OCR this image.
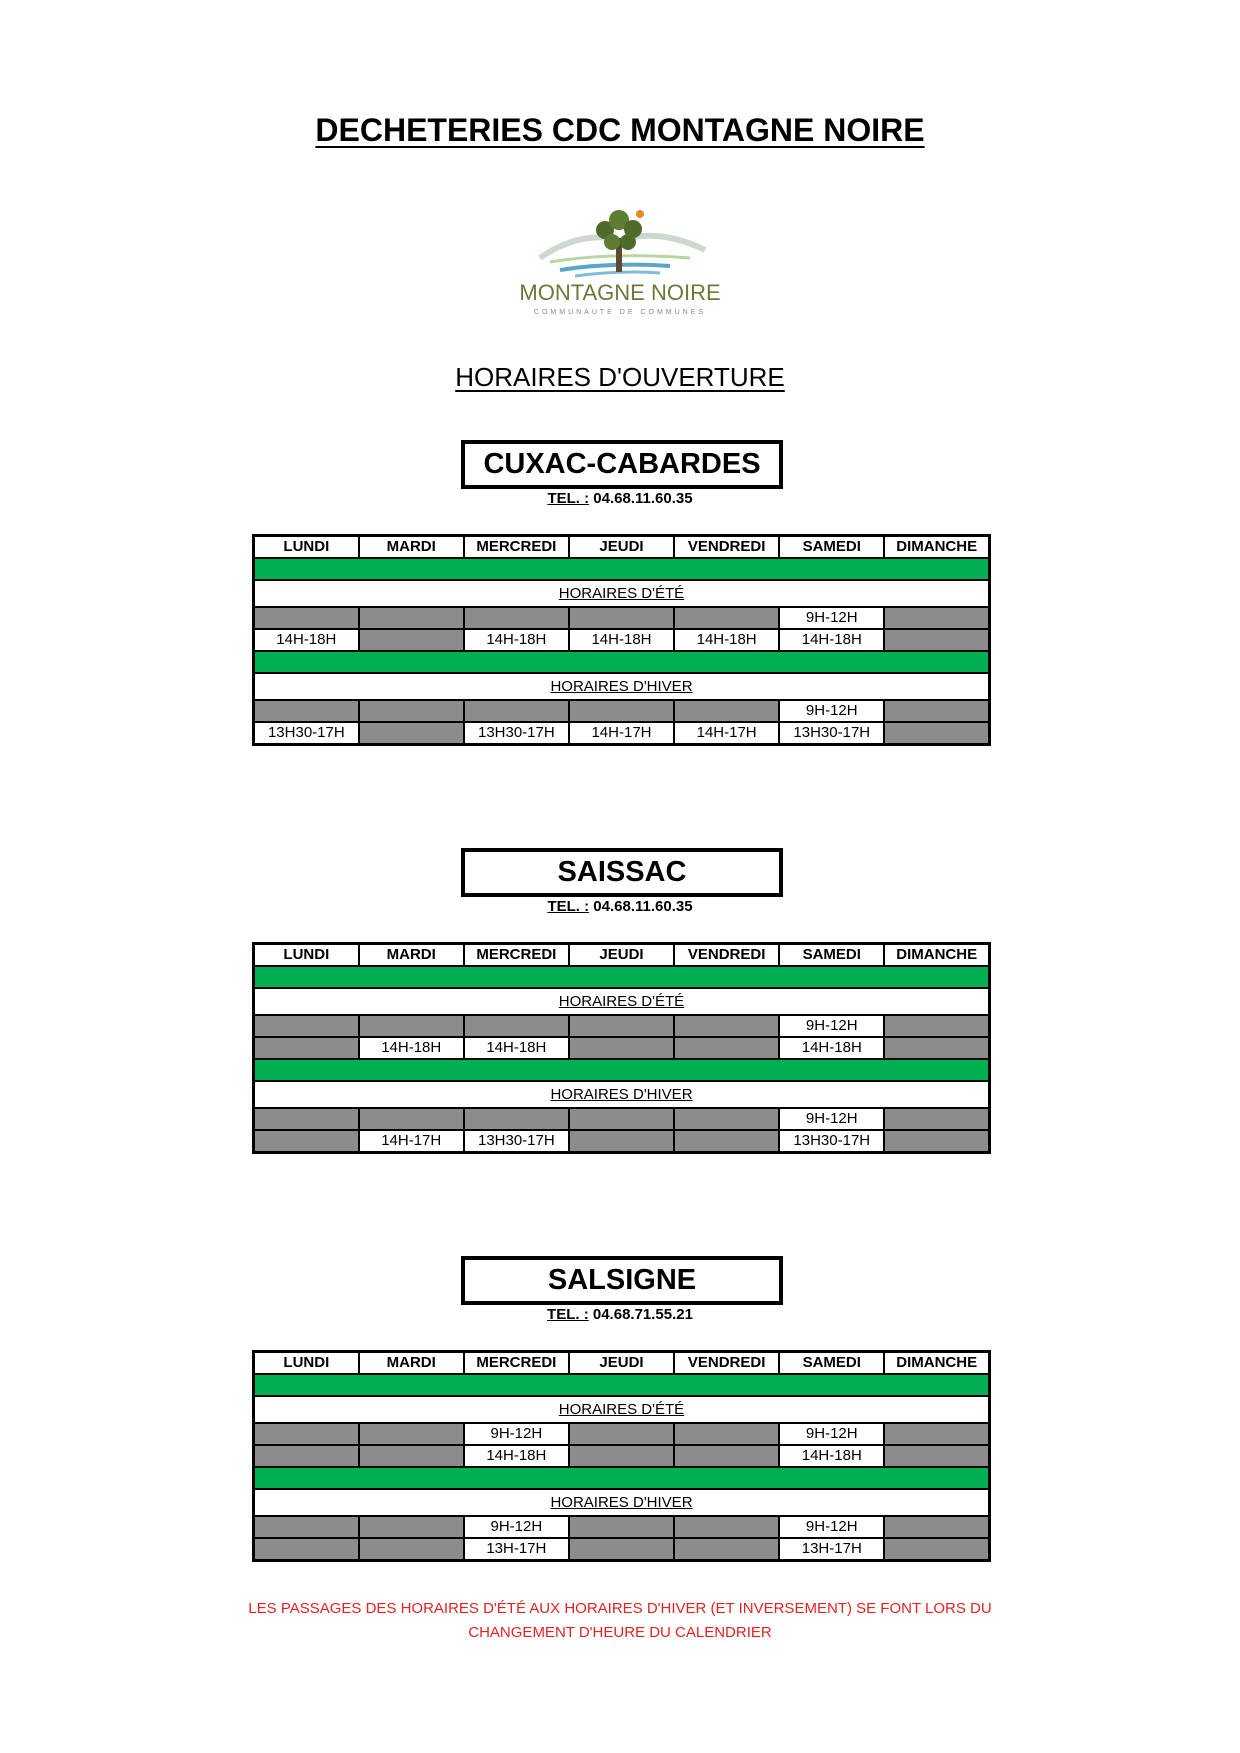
DECHETERIES CDC MONTAGNE NOIRE
MONTAGNE NOIRE
COMMUNAUTÉ DE COMMUNES
HORAIRES D'OUVERTURE
CUXAC-CABARDES
TEL. : 04.68.11.60.35
LUNDI	MARDI	MERCREDI	JEUDI	VENDREDI	SAMEDI	DIMANCHE

HORAIRES D'ÉTÉ						
					9H-12H	
14H-18H		14H-18H	14H-18H	14H-18H	14H-18H	

HORAIRES D'HIVER						
					9H-12H	
13H30-17H		13H30-17H	14H-17H	14H-17H	13H30-17H	
SAISSAC
TEL. : 04.68.11.60.35
LUNDI	MARDI	MERCREDI	JEUDI	VENDREDI	SAMEDI	DIMANCHE

HORAIRES D'ÉTÉ						
					9H-12H	
	14H-18H	14H-18H			14H-18H	

HORAIRES D'HIVER						
					9H-12H	
	14H-17H	13H30-17H			13H30-17H	
SALSIGNE
TEL. : 04.68.71.55.21
LUNDI	MARDI	MERCREDI	JEUDI	VENDREDI	SAMEDI	DIMANCHE

HORAIRES D'ÉTÉ						
		9H-12H			9H-12H	
		14H-18H			14H-18H	

HORAIRES D'HIVER						
		9H-12H			9H-12H	
		13H-17H			13H-17H	
LES PASSAGES DES HORAIRES D'ÉTÉ AUX HORAIRES D'HIVER (ET INVERSEMENT) SE FONT LORS DU
CHANGEMENT D'HEURE DU CALENDRIER
